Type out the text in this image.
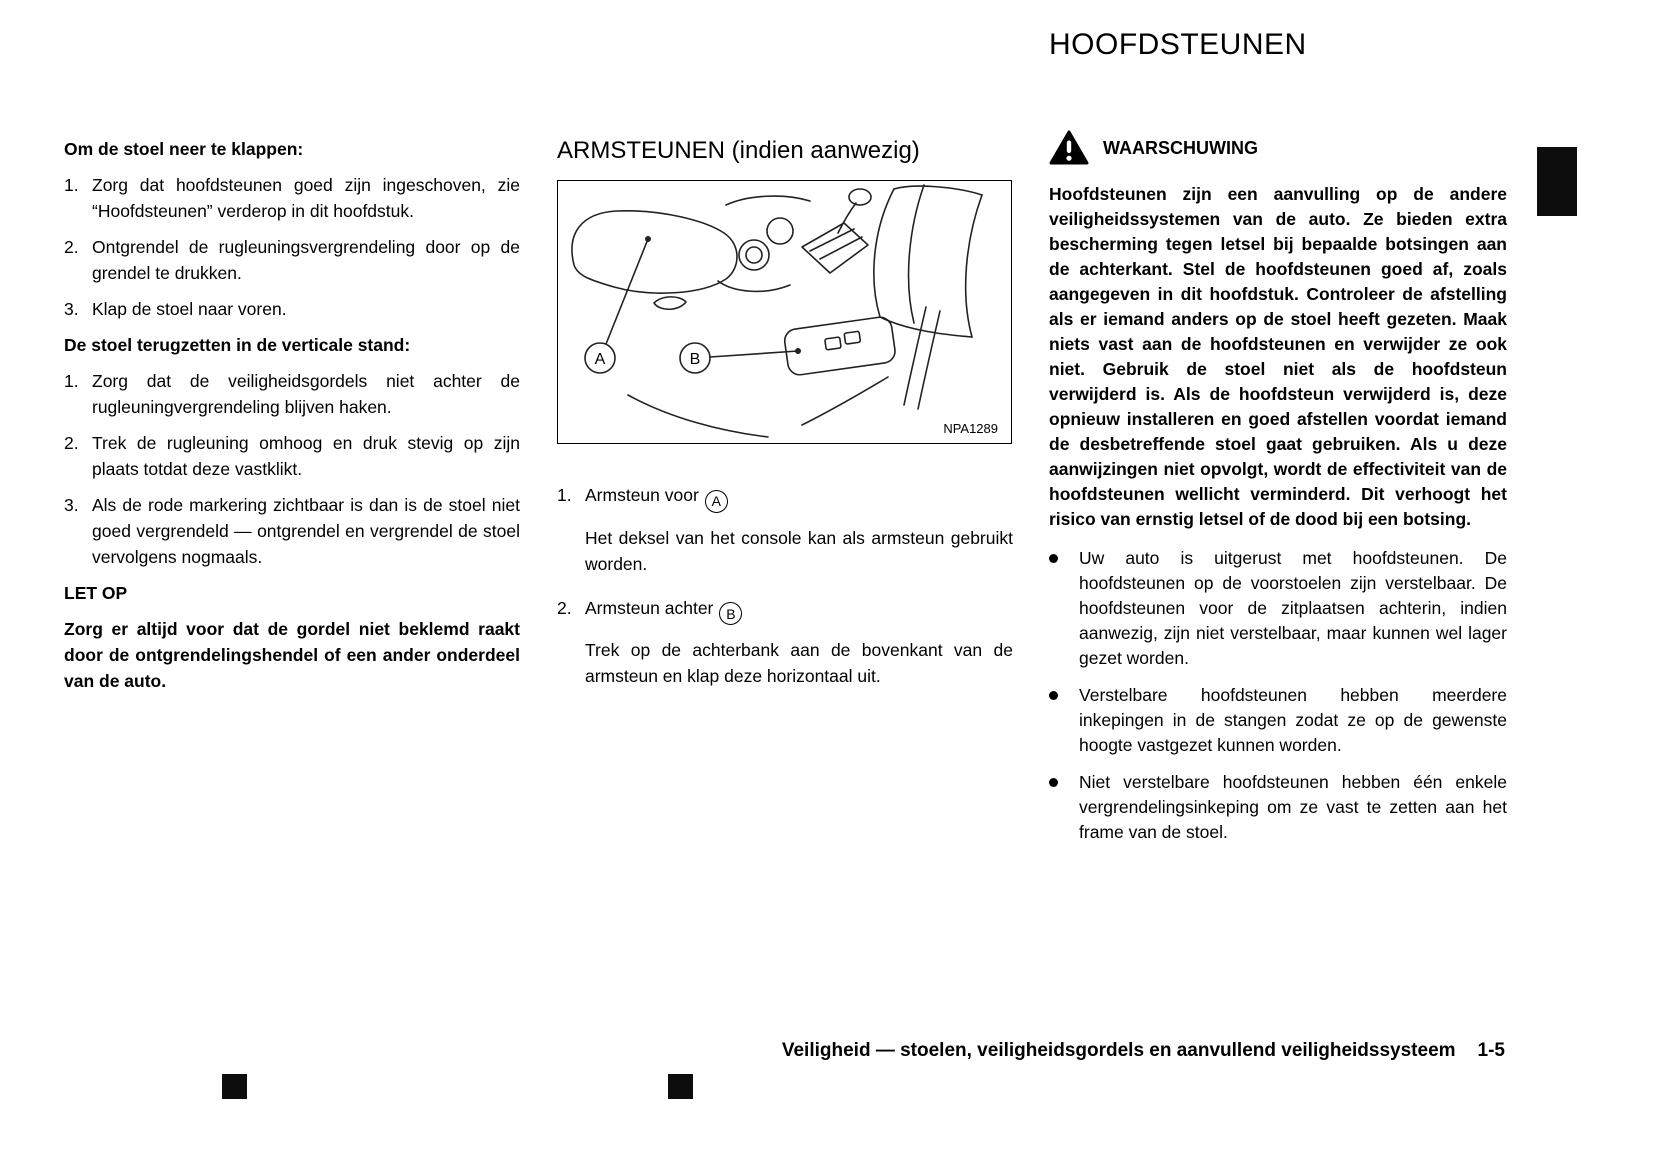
HOOFDSTEUNEN
Om de stoel neer te klappen:
1. Zorg dat hoofdsteunen goed zijn ingeschoven, zie “Hoofdsteunen” verderop in dit hoofdstuk.
2. Ontgrendel de rugleuningsvergrendeling door op de grendel te drukken.
3. Klap de stoel naar voren.
De stoel terugzetten in de verticale stand:
1. Zorg dat de veiligheidsgordels niet achter de rugleuningvergrendeling blijven haken.
2. Trek de rugleuning omhoog en druk stevig op zijn plaats totdat deze vastklikt.
3. Als de rode markering zichtbaar is dan is de stoel niet goed vergrendeld — ontgrendel en vergrendel de stoel vervolgens nogmaals.
LET OP

Zorg er altijd voor dat de gordel niet beklemd raakt door de ontgrendelingshendel of een ander onderdeel van de auto.

ARMSTEUNEN (indien aanwezig)
A	B
NPA1289
1. Armsteun voor A

Het deksel van het console kan als armsteun gebruikt worden.

2. Armsteun achter B

Trek op de achterbank aan de bovenkant van de armsteun en klap deze horizontaal uit.

WAARSCHUWING

Hoofdsteunen zijn een aanvulling op de andere veiligheidssystemen van de auto. Ze bieden extra bescherming tegen letsel bij bepaalde botsingen aan de achterkant. Stel de hoofdsteunen goed af, zoals aangegeven in dit hoofdstuk. Controleer de afstelling als er iemand anders op de stoel heeft gezeten. Maak niets vast aan de hoofdsteunen en verwijder ze ook niet. Gebruik de stoel niet als de hoofdsteun verwijderd is. Als de hoofdsteun verwijderd is, deze opnieuw installeren en goed afstellen voordat iemand de desbetreffende stoel gaat gebruiken. Als u deze aanwijzingen niet opvolgt, wordt de effectiviteit van de hoofdsteunen wellicht verminderd. Dit verhoogt het risico van ernstig letsel of de dood bij een botsing.

Uw auto is uitgerust met hoofdsteunen. De hoofdsteunen op de voorstoelen zijn verstelbaar. De hoofdsteunen voor de zitplaatsen achterin, indien aanwezig, zijn niet verstelbaar, maar kunnen wel lager gezet worden.
Verstelbare hoofdsteunen hebben meerdere inkepingen in de stangen zodat ze op de gewenste hoogte vastgezet kunnen worden.
Niet verstelbare hoofdsteunen hebben één enkele vergrendelingsinkeping om ze vast te zetten aan het frame van de stoel.
Veiligheid — stoelen, veiligheidsgordels en aanvullend veiligheidssysteem 1-5
